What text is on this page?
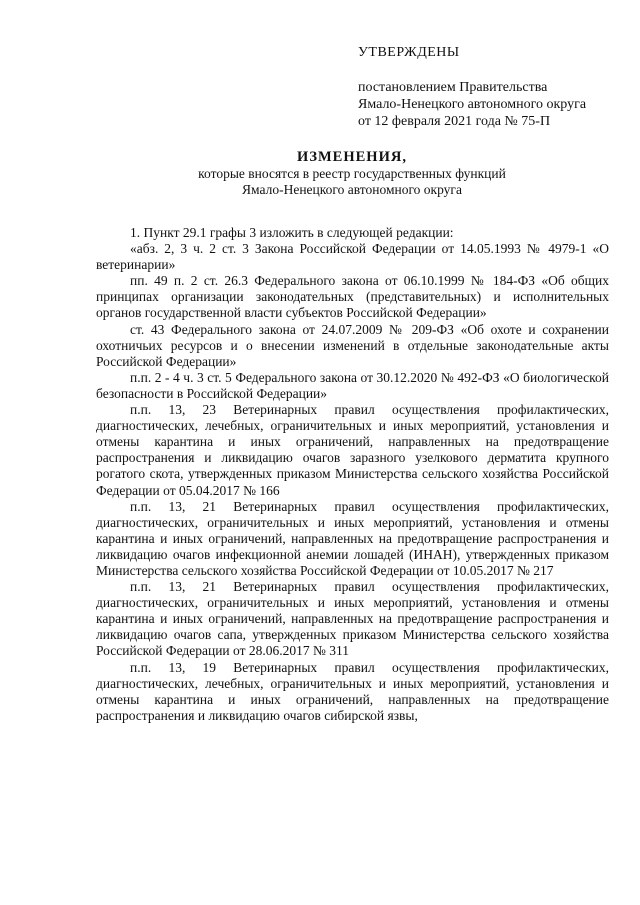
УТВЕРЖДЕНЫ
постановлением Правительства
Ямало-Ненецкого автономного округа
от 12 февраля 2021 года № 75-П
ИЗМЕНЕНИЯ,
которые вносятся в реестр государственных функций
Ямало-Ненецкого автономного округа

1. Пункт 29.1 графы 3 изложить в следующей редакции:

«абз. 2, 3 ч. 2 ст. 3 Закона Российской Федерации от 14.05.1993 № 4979-1 «О ветеринарии»

пп. 49 п. 2 ст. 26.3 Федерального закона от 06.10.1999 № 184-ФЗ «Об общих принципах организации законодательных (представительных) и исполнительных органов государственной власти субъектов Российской Федерации»

ст. 43 Федерального закона от 24.07.2009 № 209-ФЗ «Об охоте и сохранении охотничьих ресурсов и о внесении изменений в отдельные законодательные акты Российской Федерации»

п.п. 2 - 4 ч. 3 ст. 5 Федерального закона от 30.12.2020 № 492-ФЗ «О биологической безопасности в Российской Федерации»

п.п. 13, 23 Ветеринарных правил осуществления профилактических, диагностических, лечебных, ограничительных и иных мероприятий, установления и отмены карантина и иных ограничений, направленных на предотвращение распространения и ликвидацию очагов заразного узелкового дерматита крупного рогатого скота, утвержденных приказом Министерства сельского хозяйства Российской Федерации от 05.04.2017 № 166

п.п. 13, 21 Ветеринарных правил осуществления профилактических, диагностических, ограничительных и иных мероприятий, установления и отмены карантина и иных ограничений, направленных на предотвращение распространения и ликвидацию очагов инфекционной анемии лошадей (ИНАН), утвержденных приказом Министерства сельского хозяйства Российской Федерации от 10.05.2017 № 217

п.п. 13, 21 Ветеринарных правил осуществления профилактических, диагностических, ограничительных и иных мероприятий, установления и отмены карантина и иных ограничений, направленных на предотвращение распространения и ликвидацию очагов сапа, утвержденных приказом Министерства сельского хозяйства Российской Федерации от 28.06.2017 № 311

п.п. 13, 19 Ветеринарных правил осуществления профилактических, диагностических, лечебных, ограничительных и иных мероприятий, установления и отмены карантина и иных ограничений, направленных на предотвращение распространения и ликвидацию очагов сибирской язвы,
